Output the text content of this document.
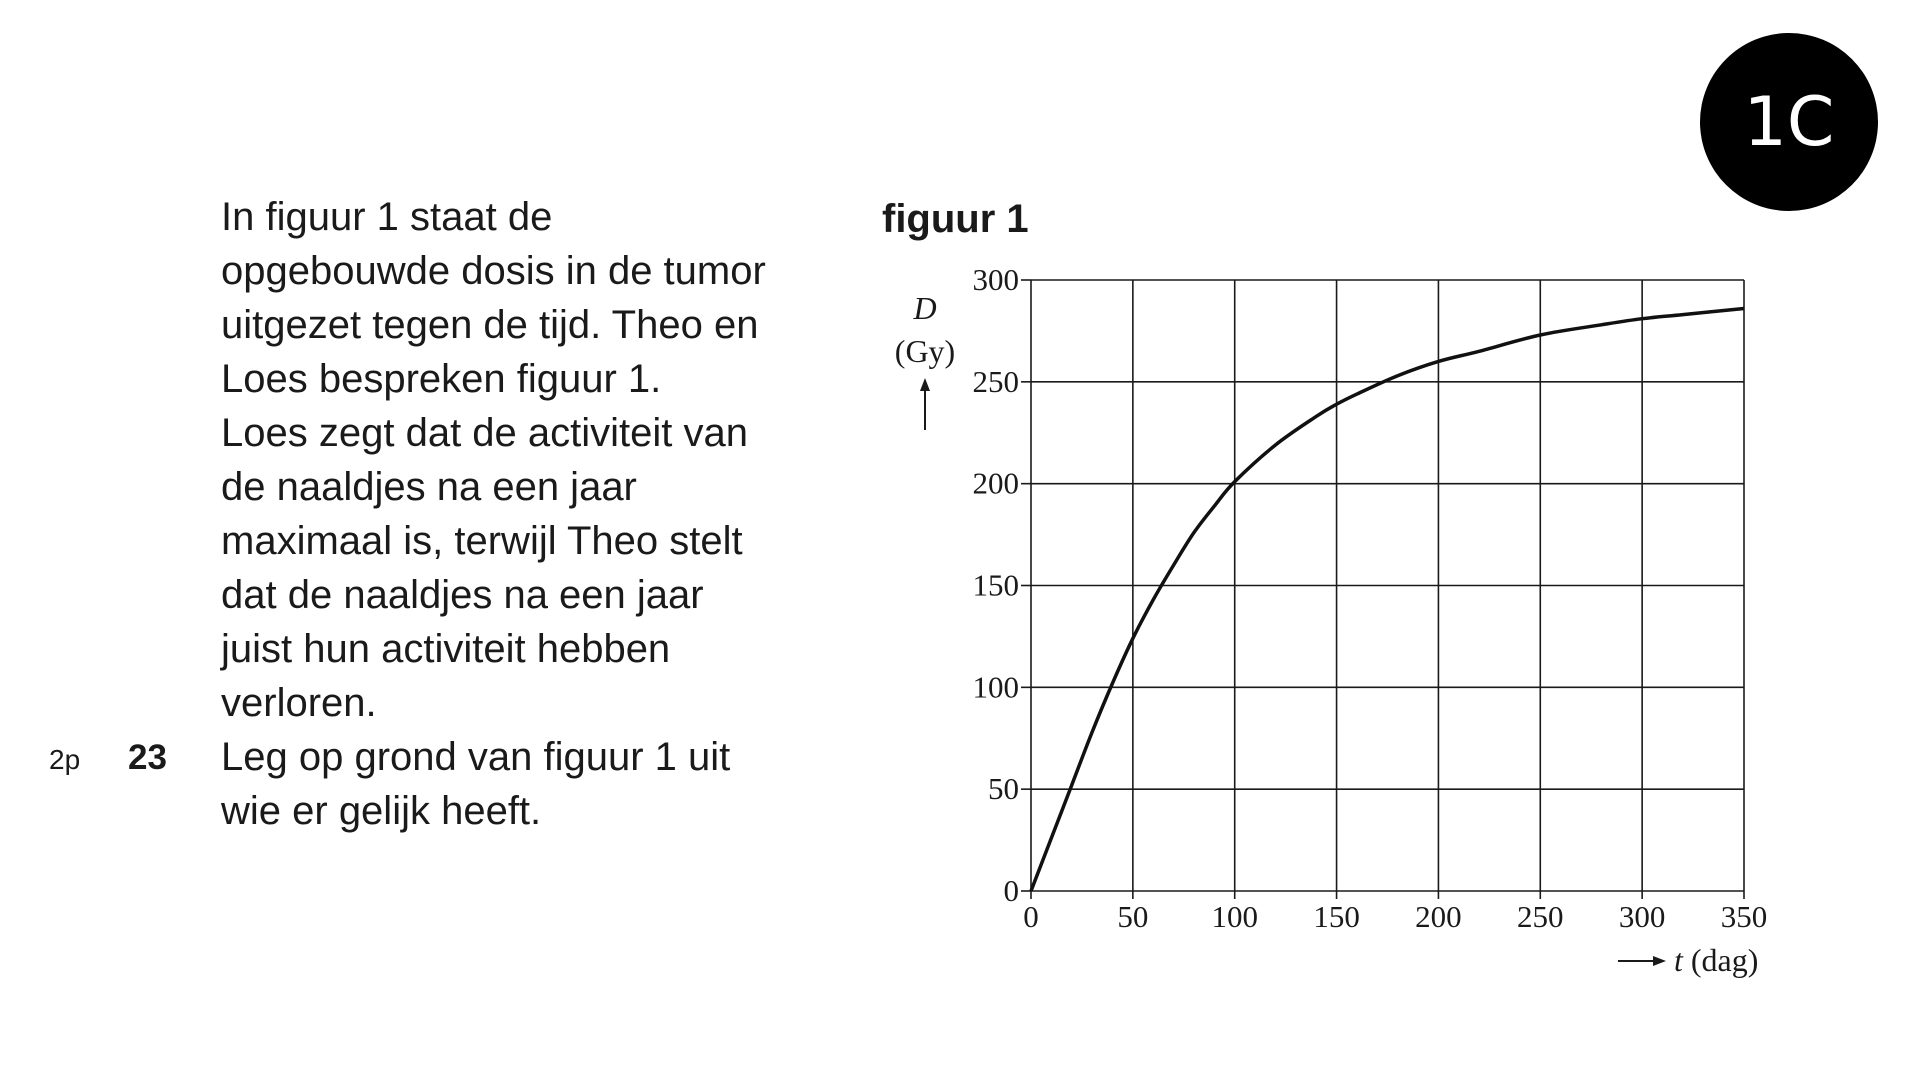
1C

In figuur 1 staat de

opgebouwde dosis in de tumor

uitgezet tegen de tijd. Theo en

Loes bespreken figuur 1.

Loes zegt dat de activiteit van

de naaldjes na een jaar

maximaal is, terwijl Theo stelt

dat de naaldjes na een jaar

juist hun activiteit hebben

verloren.

Leg op grond van figuur 1 uit

wie er gelijk heeft.

2p 23
figuur 1
0	50 100 150 200 250 300 350
0
50
100
150
200
250
300
D
(Gy)
t (dag)
